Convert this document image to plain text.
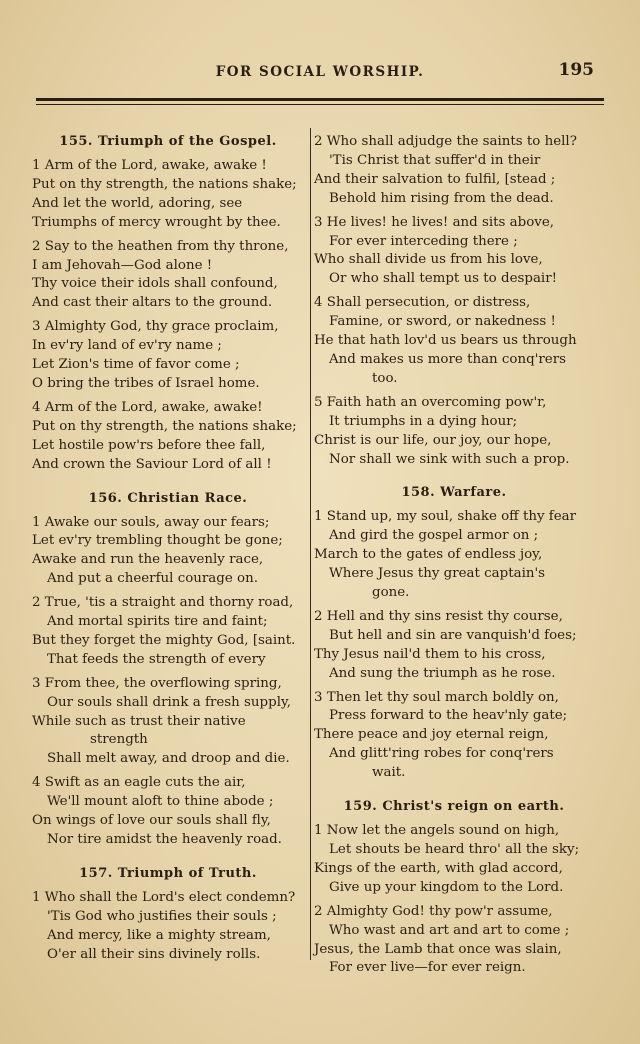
FOR SOCIAL WORSHIP.	195
155. Triumph of the Gospel.
1 Arm of the Lord, awake, awake !
Put on thy strength, the nations shake;
And let the world, adoring, see
Triumphs of mercy wrought by thee.
2 Say to the heathen from thy throne,
I am Jehovah—God alone !
Thy voice their idols shall confound,
And cast their altars to the ground.
3 Almighty God, thy grace proclaim,
In ev'ry land of ev'ry name ;
Let Zion's time of favor come ;
O bring the tribes of Israel home.
4 Arm of the Lord, awake, awake!
Put on thy strength, the nations shake;
Let hostile pow'rs before thee fall,
And crown the Saviour Lord of all !
156. Christian Race.
1 Awake our souls, away our fears;
Let ev'ry trembling thought be gone;
Awake and run the heavenly race,
And put a cheerful courage on.
2 True, 'tis a straight and thorny road,
And mortal spirits tire and faint;
But they forget the mighty God, [saint.
That feeds the strength of every
3 From thee, the overflowing spring,
Our souls shall drink a fresh supply,
While such as trust their native
strength
Shall melt away, and droop and die.
4 Swift as an eagle cuts the air,
We'll mount aloft to thine abode ;
On wings of love our souls shall fly,
Nor tire amidst the heavenly road.
157. Triumph of Truth.
1 Who shall the Lord's elect condemn?
'Tis God who justifies their souls ;
And mercy, like a mighty stream,
O'er all their sins divinely rolls.
2 Who shall adjudge the saints to hell?
'Tis Christ that suffer'd in their
And their salvation to fulfil, [stead ;
Behold him rising from the dead.
3 He lives! he lives! and sits above,
For ever interceding there ;
Who shall divide us from his love,
Or who shall tempt us to despair!
4 Shall persecution, or distress,
Famine, or sword, or nakedness !
He that hath lov'd us bears us through
And makes us more than conq'rers
too.
5 Faith hath an overcoming pow'r,
It triumphs in a dying hour;
Christ is our life, our joy, our hope,
Nor shall we sink with such a prop.
158. Warfare.
1 Stand up, my soul, shake off thy fear
And gird the gospel armor on ;
March to the gates of endless joy,
Where Jesus thy great captain's
gone.
2 Hell and thy sins resist thy course,
But hell and sin are vanquish'd foes;
Thy Jesus nail'd them to his cross,
And sung the triumph as he rose.
3 Then let thy soul march boldly on,
Press forward to the heav'nly gate;
There peace and joy eternal reign,
And glitt'ring robes for conq'rers
wait.
159. Christ's reign on earth.
1 Now let the angels sound on high,
Let shouts be heard thro' all the sky;
Kings of the earth, with glad accord,
Give up your kingdom to the Lord.
2 Almighty God! thy pow'r assume,
Who wast and art and art to come ;
Jesus, the Lamb that once was slain,
For ever live—for ever reign.
